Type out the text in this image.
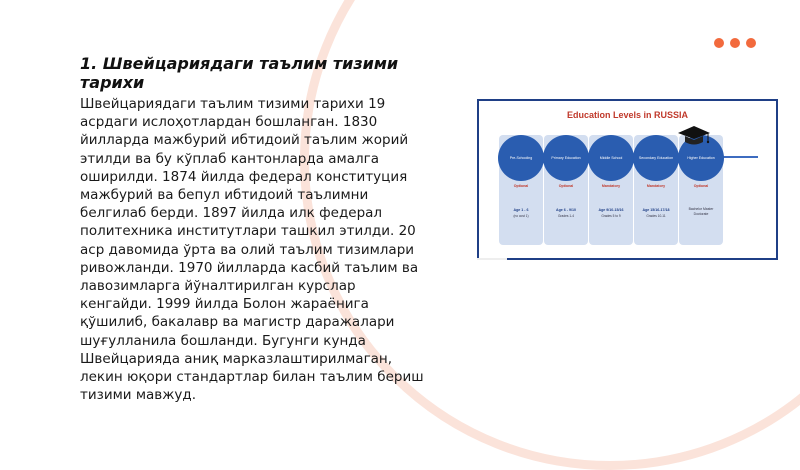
1. Швейцариядаги таълим тизими тарихи

Швейцариядаги таълим тизими тарихи 19 асрдаги ислоҳотлардан бошланган. 1830 йилларда мажбурий ибтидоий таълим жорий этилди ва бу кўплаб кантонларда амалга оширилди. 1874 йилда федерал конституция мажбурий ва бепул ибтидоий таълимни белгилаб берди. 1897 йилда илк федерал политехника институтлари ташкил этилди. 20 аср давомида ўрта ва олий таълим тизимлари ривожланди. 1970 йилларда касбий таълим ва лавозимларга йўналтирилган курслар кенгайди. 1999 йилда Болон жараёнига қўшилиб, бакалавр ва магистр даражалари шуғулланила бошланди. Бугунги кунда Швейцарияда аниқ марказлаштирилмаган, лекин юқори стандартлар билан таълим бериш тизими мавжуд.

Education Levels in RUSSIA
Pre-Schooling
Optional
Age 1 - 6
(no cost 1)
Primary Education
Optional
Age 6 - 9/10
Grades 1-4
Middle School
Mandatory
Age 9/10-15/16
Grades 5 to 9
Secondary Education
Mandatory
Age 15/16-17/18
Grades 10-11
Higher Education
Optional
Bachelor Master Doctorate
